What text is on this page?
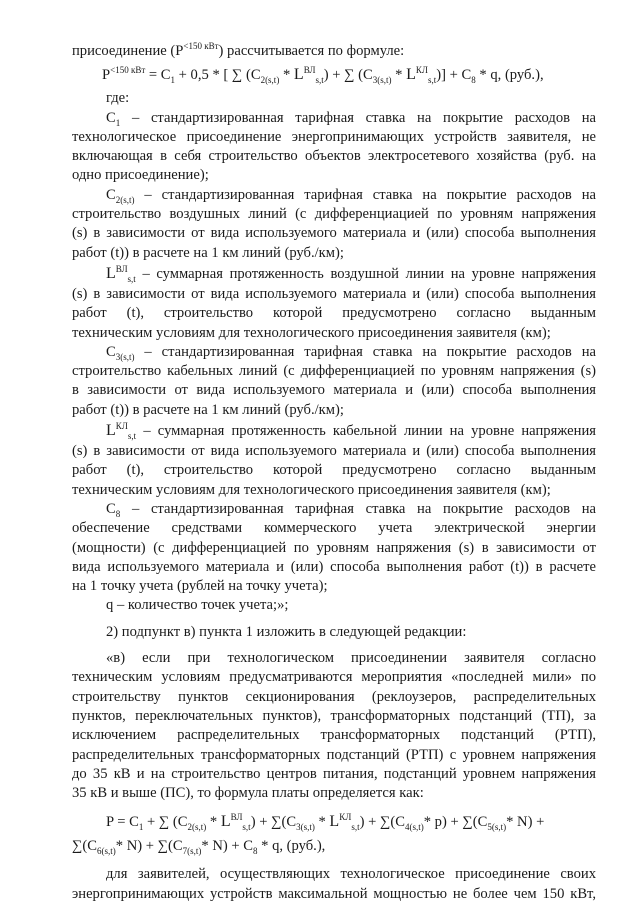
присоединение $(P^{<150 кВт})$ рассчитывается по формуле:
$P^{<150 кВт} = C_1 + 0,5$ * [ ∑ $(C_{2(s,t)} * L^{ВЛ}_{s,t})$ + ∑ $(C_{3(s,t)} * L^{КЛ}_{s,t})] + C_8 * q$, (руб.),
где:
$C_1$ – стандартизированная тарифная ставка на покрытие расходов на
технологическое присоединение энергопринимающих устройств заявителя, не
включающая в себя строительство объектов электросетевого хозяйства (руб. на
одно присоединение);
$C_{2(s,t)}$ – стандартизированная тарифная ставка на покрытие расходов на
строительство воздушных линий (с дифференциацией по уровням напряжения
(s) в зависимости от вида используемого материала и (или) способа выполнения
работ (t)) в расчете на 1 км линий (руб./км);
$L^{ВЛ}_{s,t}$ – суммарная протяженность воздушной линии на уровне напряжения
(s) в зависимости от вида используемого материала и (или) способа выполнения
работ (t), строительство которой предусмотрено согласно выданным
техническим условиям для технологического присоединения заявителя (км);
$C_{3(s,t)}$ – стандартизированная тарифная ставка на покрытие расходов на
строительство кабельных линий (с дифференциацией по уровням напряжения (s)
в зависимости от вида используемого материала и (или) способа выполнения
работ (t)) в расчете на 1 км линий (руб./км);
$L^{КЛ}_{s,t}$ – суммарная протяженность кабельной линии на уровне напряжения
(s) в зависимости от вида используемого материала и (или) способа выполнения
работ (t), строительство которой предусмотрено согласно выданным
техническим условиям для технологического присоединения заявителя (км);
$C_8$ – стандартизированная тарифная ставка на покрытие расходов на
обеспечение средствами коммерческого учета электрической энергии
(мощности) (с дифференциацией по уровням напряжения (s) в зависимости от
вида используемого материала и (или) способа выполнения работ (t)) в расчете
на 1 точку учета (рублей на точку учета);
q – количество точек учета;»;
2) подпункт в) пункта 1 изложить в следующей редакции:
«в) если при технологическом присоединении заявителя согласно
техническим условиям предусматриваются мероприятия «последней мили» по
строительству пунктов секционирования (реклоузеров, распределительных
пунктов, переключательных пунктов), трансформаторных подстанций (ТП), за
исключением распределительных трансформаторных подстанций (РТП),
распределительных трансформаторных подстанций (РТП) с уровнем напряжения
до 35 кВ и на строительство центров питания, подстанций уровнем напряжения
35 кВ и выше (ПС), то формула платы определяется как:
$P = C_1$ + ∑ $(C_{2(s,t)} * L^{ВЛ}_{s,t}) + \sum(C_{3(s,t)} * L^{КЛ}_{s,t}) + \sum(C_{4(s,t)}*$ $p) + \sum(C_{5(s,t)}*$ N) +
$\sum(C_{6(s,t)}*$ $N) + \sum(C_{7(s,t)}*$ $N) + C_8 * q$, (руб.),
для заявителей, осуществляющих технологическое присоединение своих
энергопринимающих устройств максимальной мощностью не более чем 150 кВт,
